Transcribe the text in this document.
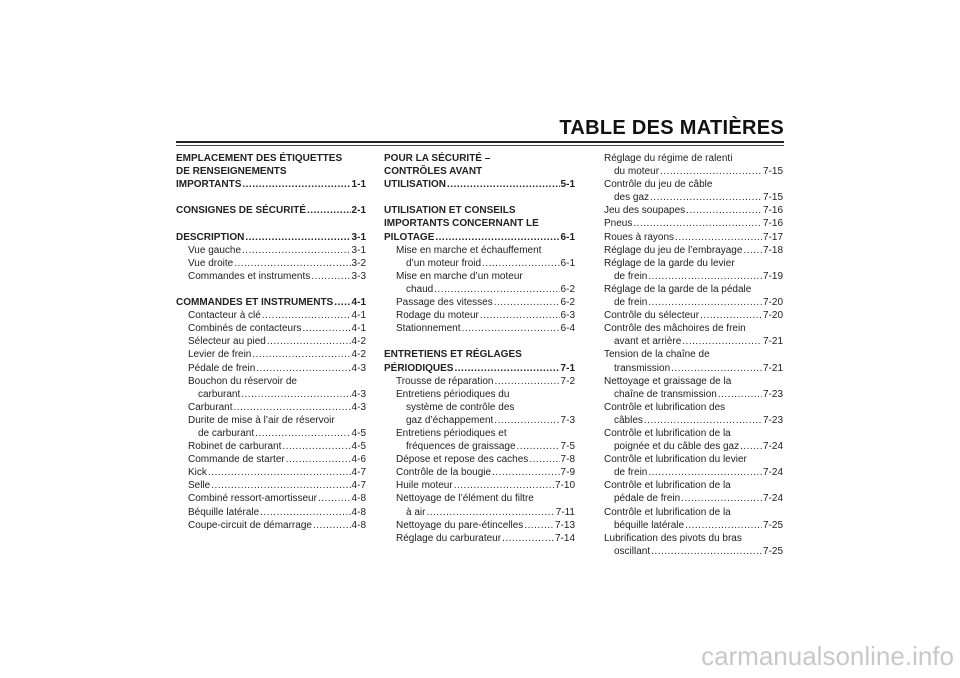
TABLE DES MATIÈRES
EMPLACEMENT DES ÉTIQUETTES
DE RENSEIGNEMENTS
IMPORTANTS .....	1-1
CONSIGNES DE SÉCURITÉ .....	2-1
DESCRIPTION .....	3-1
Vue gauche .....	3-1
Vue droite .....	3-2
Commandes et instruments .....	3-3
COMMANDES ET INSTRUMENTS ..... 4-1
Contacteur à clé .....	4-1
Combinés de contacteurs .....	4-1
Sélecteur au pied .....	4-2
Levier de frein .....	4-2
Pédale de frein .....	4-3
Bouchon du réservoir de
carburant .....	4-3
Carburant .....	4-3
Durite de mise à l’air de réservoir
de carburant .....	4-5
Robinet de carburant .....	4-5
Commande de starter .....	4-6
Kick .....	4-7
Selle .....	4-7
Combiné ressort-amortisseur .....	4-8
Béquille latérale .....	4-8
Coupe-circuit de démarrage .....	4-8
POUR LA SÉCURITÉ –
CONTRÔLES AVANT
UTILISATION .....	5-1
UTILISATION ET CONSEILS
IMPORTANTS CONCERNANT LE
PILOTAGE .....	6-1
Mise en marche et échauffement
d’un moteur froid .....	6-1
Mise en marche d’un moteur
chaud .....	6-2
Passage des vitesses .....	6-2
Rodage du moteur .....	6-3
Stationnement .....	6-4
ENTRETIENS ET RÉGLAGES
PÉRIODIQUES .....	7-1
Trousse de réparation .....	7-2
Entretiens périodiques du
système de contrôle des
gaz d’échappement .....	7-3
Entretiens périodiques et
fréquences de graissage .....	7-5
Dépose et repose des caches .....	7-8
Contrôle de la bougie .....	7-9
Huile moteur .....	7-10
Nettoyage de l’élément du filtre
à air .....	7-11
Nettoyage du pare-étincelles .....	7-13
Réglage du carburateur .....	7-14
Réglage du régime de ralenti
du moteur .....	7-15
Contrôle du jeu de câble
des gaz .....	7-15
Jeu des soupapes .....	7-16
Pneus .....	7-16
Roues à rayons .....	7-17
Réglage du jeu de l’embrayage ..... 7-18
Réglage de la garde du levier
de frein .....	7-19
Réglage de la garde de la pédale
de frein .....	7-20
Contrôle du sélecteur .....	7-20
Contrôle des mâchoires de frein
avant et arrière .....	7-21
Tension de la chaîne de
transmission .....	7-21
Nettoyage et graissage de la
chaîne de transmission .....	7-23
Contrôle et lubrification des
câbles .....	7-23
Contrôle et lubrification de la
poignée et du câble des gaz ..... 7-24
Contrôle et lubrification du levier
de frein .....	7-24
Contrôle et lubrification de la
pédale de frein .....	7-24
Contrôle et lubrification de la
béquille latérale .....	7-25
Lubrification des pivots du bras
oscillant .....	7-25
carmanualsonline.info
